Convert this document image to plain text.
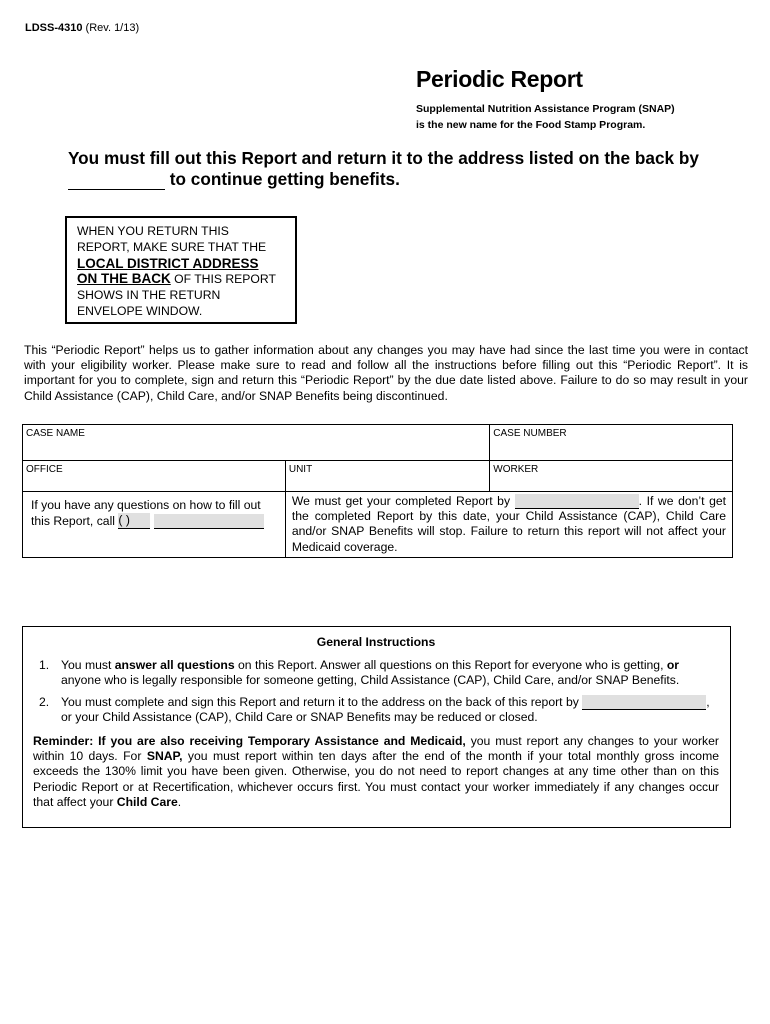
LDSS-4310 (Rev. 1/13)
Periodic Report
Supplemental Nutrition Assistance Program (SNAP)
is the new name for the Food Stamp Program.
You must fill out this Report and return it to the address listed on the back by
to continue getting benefits.
WHEN YOU RETURN THIS
REPORT, MAKE SURE THAT THE
LOCAL DISTRICT ADDRESS
ON THE BACK OF THIS REPORT
SHOWS IN THE RETURN
ENVELOPE WINDOW.
This “Periodic Report” helps us to gather information about any changes you may have had since the last time you were in contact with your eligibility worker. Please make sure to read and follow all the instructions before filling out this “Periodic Report”. It is important for you to complete, sign and return this “Periodic Report” by the due date listed above. Failure to do so may result in your Child Assistance (CAP), Child Care, and/or SNAP Benefits being discontinued.
CASE NAME		CASE NUMBER
OFFICE	UNIT	WORKER
If you have any questions on how to fill out this Report, call ( )	We must get your completed Report by . If we don’t get the completed Report by this date, your Child Assistance (CAP), Child Care and/or SNAP Benefits will stop. Failure to return this report will not affect your Medicaid coverage.	
General Instructions
1. You must answer all questions on this Report. Answer all questions on this Report for everyone who is getting, or anyone who is legally responsible for someone getting, Child Assistance (CAP), Child Care, and/or SNAP Benefits.
2. You must complete and sign this Report and return it to the address on the back of this report by	,
or your Child Assistance (CAP), Child Care or SNAP Benefits may be reduced or closed.
Reminder: If you are also receiving Temporary Assistance and Medicaid, you must report any changes to your worker within 10 days. For SNAP, you must report within ten days after the end of the month if your total monthly gross income exceeds the 130% limit you have been given. Otherwise, you do not need to report changes at any time other than on this Periodic Report or at Recertification, whichever occurs first. You must contact your worker immediately if any changes occur that affect your Child Care.
